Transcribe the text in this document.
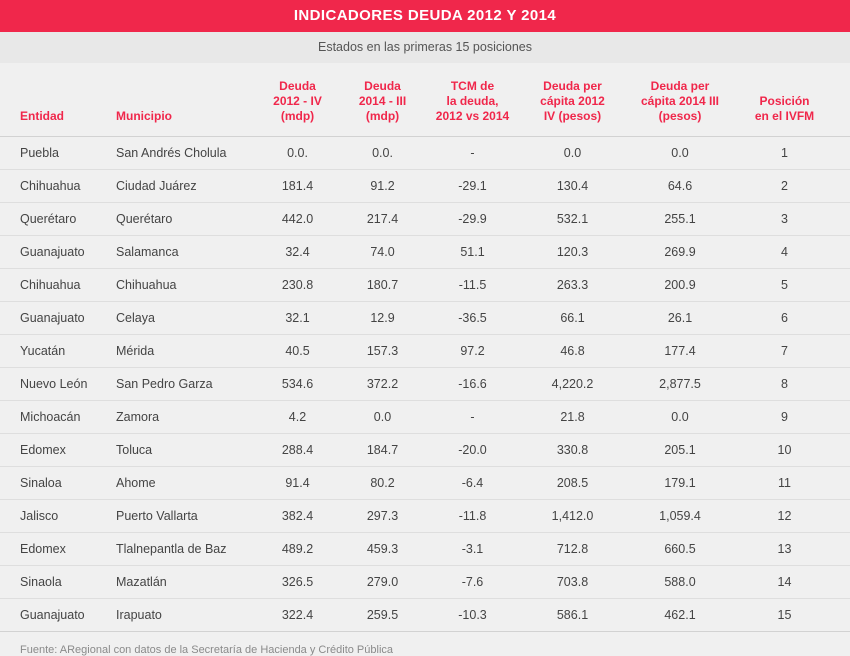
INDICADORES DEUDA 2012 Y 2014
Estados en las primeras 15 posiciones
Entidad	Municipio	
Deuda
2012 - IV
(mdp)

Deuda
2014 - III
(mdp)

TCM de
la deuda,
2012 vs 2014

Deuda per
cápita 2012
IV (pesos)

Deuda per
cápita 2014 III
(pesos)

Posición
en el IVFM

Puebla	San Andrés Cholula	0.0.	0.0.	-	0.0	0.0	1
Chihuahua	Ciudad Juárez	181.4	91.2	-29.1	130.4	64.6	2
Querétaro	Querétaro	442.0	217.4	-29.9	532.1	255.1	3
Guanajuato	Salamanca	32.4	74.0	51.1	120.3	269.9	4
Chihuahua	Chihuahua	230.8	180.7	-11.5	263.3	200.9	5
Guanajuato	Celaya	32.1	12.9	-36.5	66.1	26.1	6
Yucatán	Mérida	40.5	157.3	97.2	46.8	177.4	7
Nuevo León	San Pedro Garza	534.6	372.2	-16.6	4,220.2	2,877.5	8
Michoacán	Zamora	4.2	0.0	-	21.8	0.0	9
Edomex	Toluca	288.4	184.7	-20.0	330.8	205.1	10
Sinaloa	Ahome	91.4	80.2	-6.4	208.5	179.1	11
Jalisco	Puerto Vallarta	382.4	297.3	-11.8	1,412.0	1,059.4	12
Edomex	Tlalnepantla de Baz	489.2	459.3	-3.1	712.8	660.5	13
Sinaola	Mazatlán	326.5	279.0	-7.6	703.8	588.0	14
Guanajuato	Irapuato	322.4	259.5	-10.3	586.1	462.1	15
Fuente: ARegional con datos de la Secretaría de Hacienda y Crédito Pública
